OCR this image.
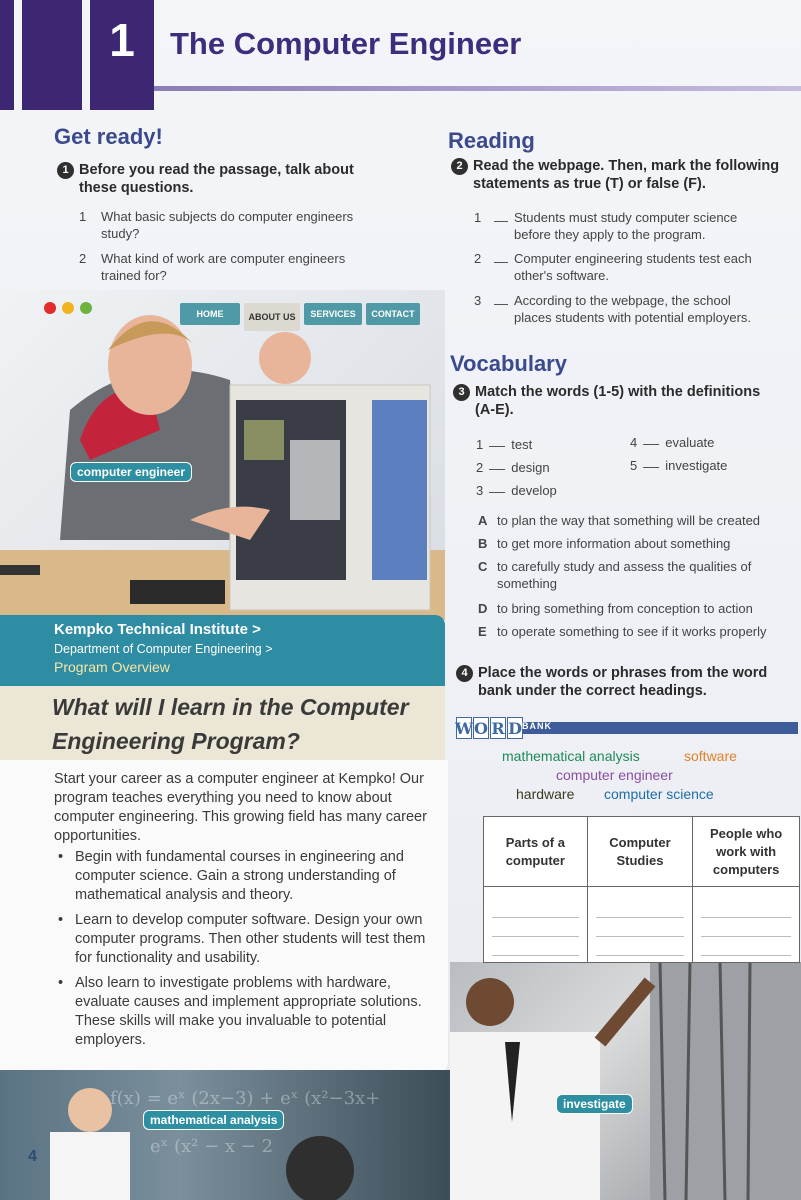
1	The Computer Engineer
Get ready!
1 Before you read the passage, talk about
these questions.
1	What basic subjects do computer engineers
study?
2	What kind of work are computer engineers
trained for?
HOME	ABOUT US	SERVICES	CONTACT
computer engineer
Kempko Technical Institute >
Department of Computer Engineering >
Program Overview
What will I learn in the Computer
Engineering Program?
Start your career as a computer engineer at Kempko! Our program teaches everything you need to know about computer engineering. This growing field has many career opportunities.
• Begin with fundamental courses in engineering and computer science. Gain a strong understanding of mathematical analysis and theory.
• Learn to develop computer software. Design your own computer programs. Then other students will test them for functionality and usability.
• Also learn to investigate problems with hardware, evaluate causes and implement appropriate solutions. These skills will make you invaluable to potential employers.
f(x) = eˣ (2x−3) + eˣ (x²−3x+
eˣ (x² − x − 2
mathematical analysis
4
investigate
Reading
2 Read the webpage. Then, mark the following
statements as true (T) or false (F).
1	Students must study computer science
before they apply to the program.
2	Computer engineering students test each
other's software.
3	According to the webpage, the school
places students with potential employers.
Vocabulary
3 Match the words (1-5) with the definitions
(A-E).
1 test
2 design
3 develop
4 evaluate
5 investigate
A to plan the way that something will be created
B to get more information about something
C to carefully study and assess the qualities of
something
D to bring something from conception to action
E to operate something to see if it works properly
4 Place the words or phrases from the word
bank under the correct headings.
W O R D BANK
mathematical analysis	software
computer engineer
hardware computer science
Parts of a computer	Computer Studies	People who work with computers
